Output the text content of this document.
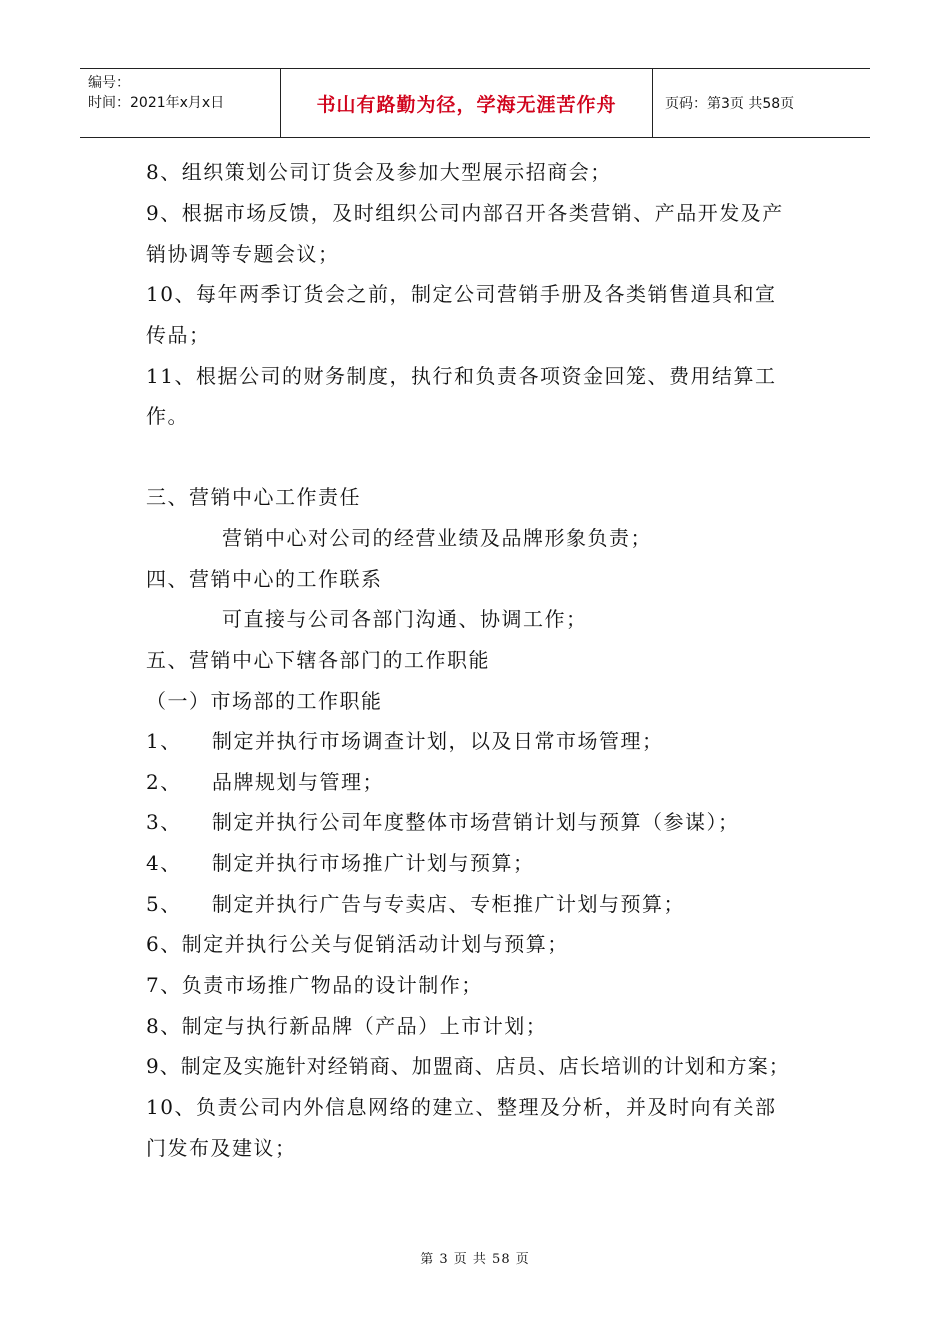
编号：
时间：2021年x月x日	书山有路勤为径，学海无涯苦作舟	页码：第3页 共58页
8、组织策划公司订货会及参加大型展示招商会；
9、根据市场反馈，及时组织公司内部召开各类营销、产品开发及产
销协调等专题会议；
10、每年两季订货会之前，制定公司营销手册及各类销售道具和宣
传品；
11、根据公司的财务制度，执行和负责各项资金回笼、费用结算工
作。
三、营销中心工作责任
营销中心对公司的经营业绩及品牌形象负责；
四、营销中心的工作联系
可直接与公司各部门沟通、协调工作；
五、营销中心下辖各部门的工作职能
（一）市场部的工作职能
1、 制定并执行市场调查计划，以及日常市场管理；
2、 品牌规划与管理；
3、 制定并执行公司年度整体市场营销计划与预算（参谋）；
4、 制定并执行市场推广计划与预算；
5、 制定并执行广告与专卖店、专柜推广计划与预算；
6、制定并执行公关与促销活动计划与预算；
7、负责市场推广物品的设计制作；
8、制定与执行新品牌（产品）上市计划；
9、制定及实施针对经销商、加盟商、店员、店长培训的计划和方案；
10、负责公司内外信息网络的建立、整理及分析，并及时向有关部
门发布及建议；
第 3 页 共 58 页
